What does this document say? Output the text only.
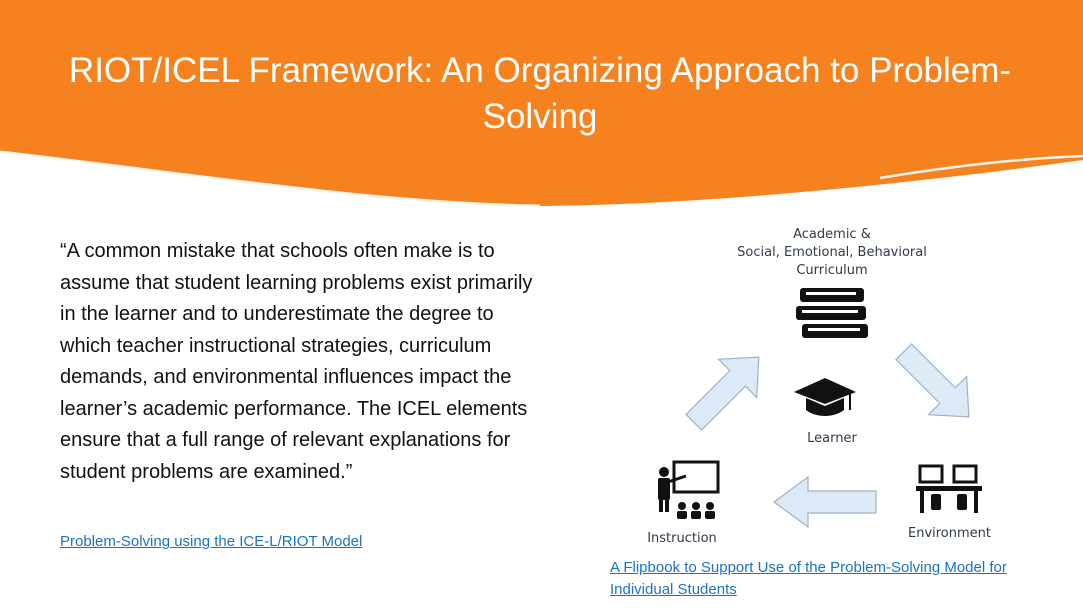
RIOT/ICEL Framework: An Organizing Approach to Problem-Solving
“A common mistake that schools often make is to assume that student learning problems exist primarily in the learner and to underestimate the degree to which teacher instructional strategies, curriculum demands, and environmental influences impact the learner’s academic performance. The ICEL elements ensure that a full range of relevant explanations for student problems are examined.”
Problem-Solving using the ICE-L/RIOT Model
Academic &
Social, Emotional, Behavioral
Curriculum
Learner
Instruction	Environment
A Flipbook to Support Use of the Problem-Solving Model for Individual Students
